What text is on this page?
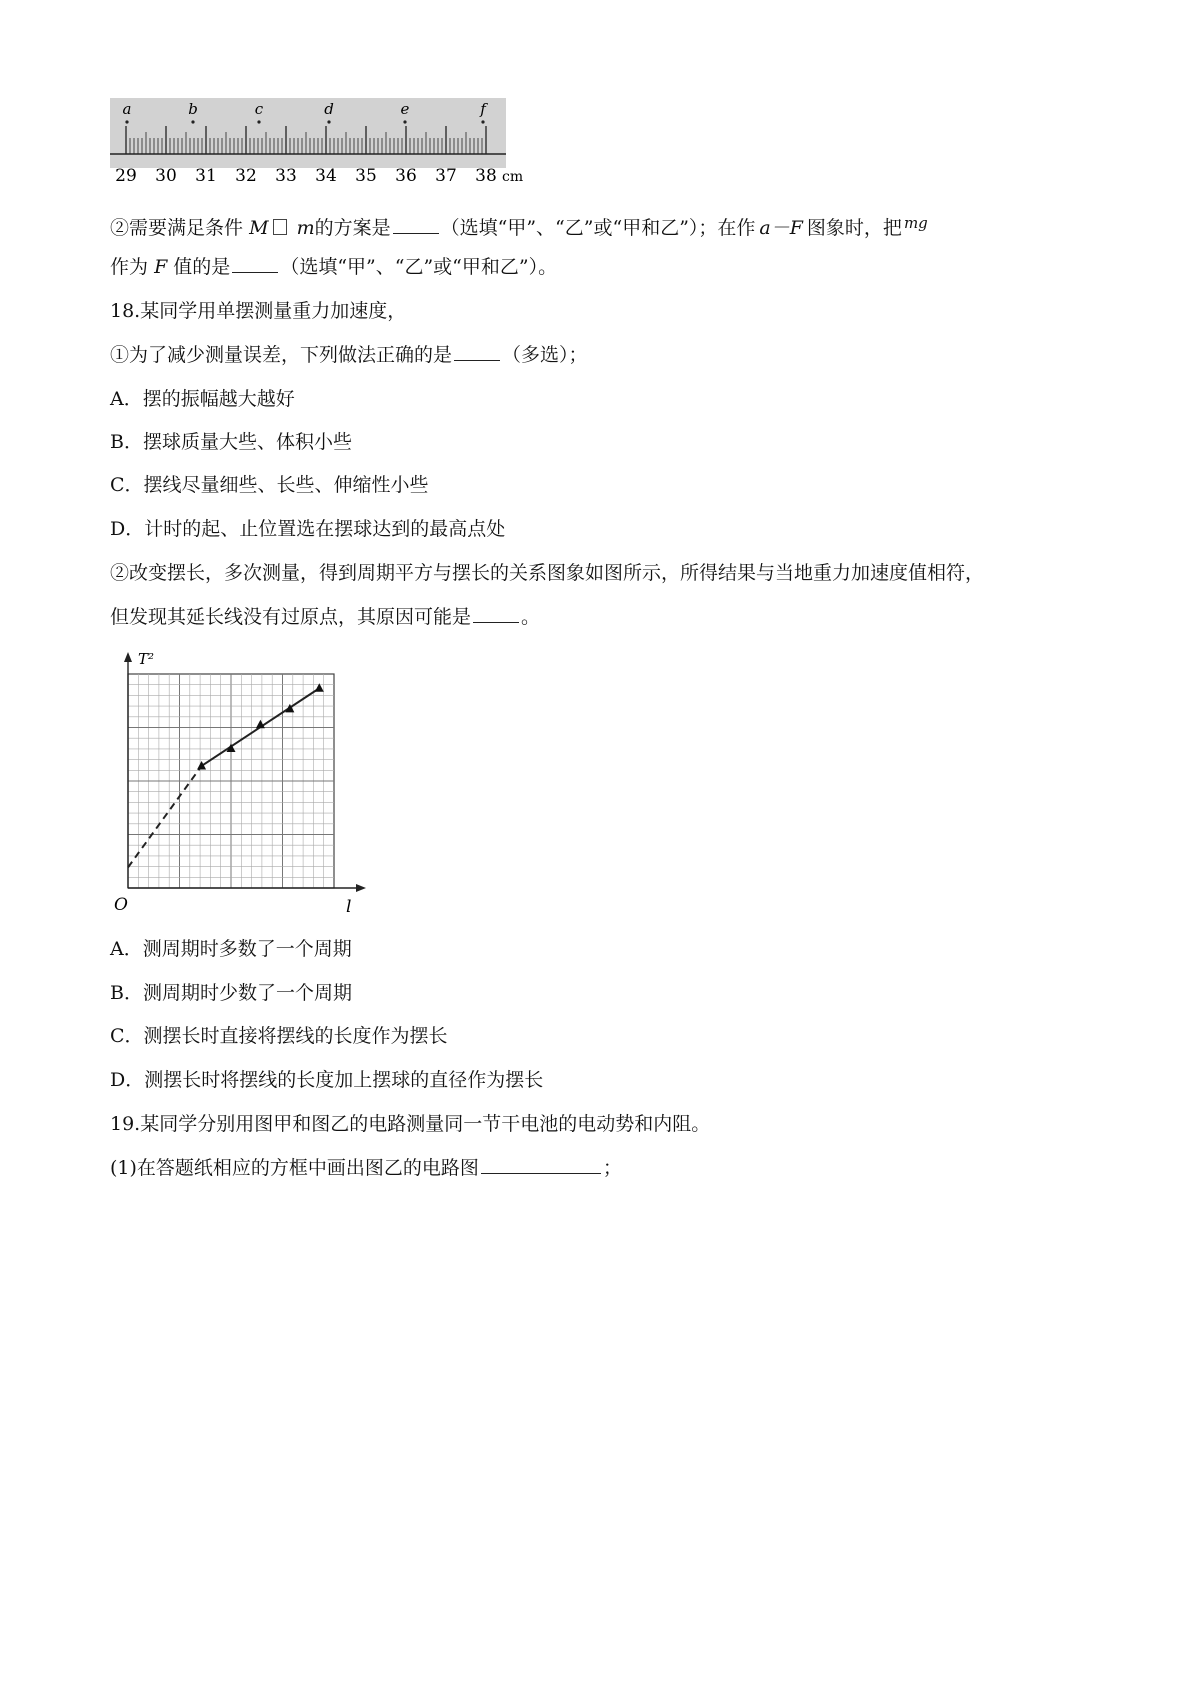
a	b	c	d	e	f
29 30 31 32 33 34 35 36 37 38 cm
②需要满足条件 M m的方案是	（选填“甲”、“乙”或“甲和乙”）；在作 a－F 图象时，把 $^{mg}$
作为 F 值的是	（选填“甲”、“乙”或“甲和乙”）。
18.某同学用单摆测量重力加速度，
①为了减少测量误差，下列做法正确的是	（多选）；
A．摆的振幅越大越好
B．摆球质量大些、体积小些
C．摆线尽量细些、长些、伸缩性小些
D．计时的起、止位置选在摆球达到的最高点处
②改变摆长，多次测量，得到周期平方与摆长的关系图象如图所示，所得结果与当地重力加速度值相符，
但发现其延长线没有过原点，其原因可能是	。
T²
O	l
A．测周期时多数了一个周期
B．测周期时少数了一个周期
C．测摆长时直接将摆线的长度作为摆长
D．测摆长时将摆线的长度加上摆球的直径作为摆长
19.某同学分别用图甲和图乙的电路测量同一节干电池的电动势和内阻。
(1)在答题纸相应的方框中画出图乙的电路图	；
